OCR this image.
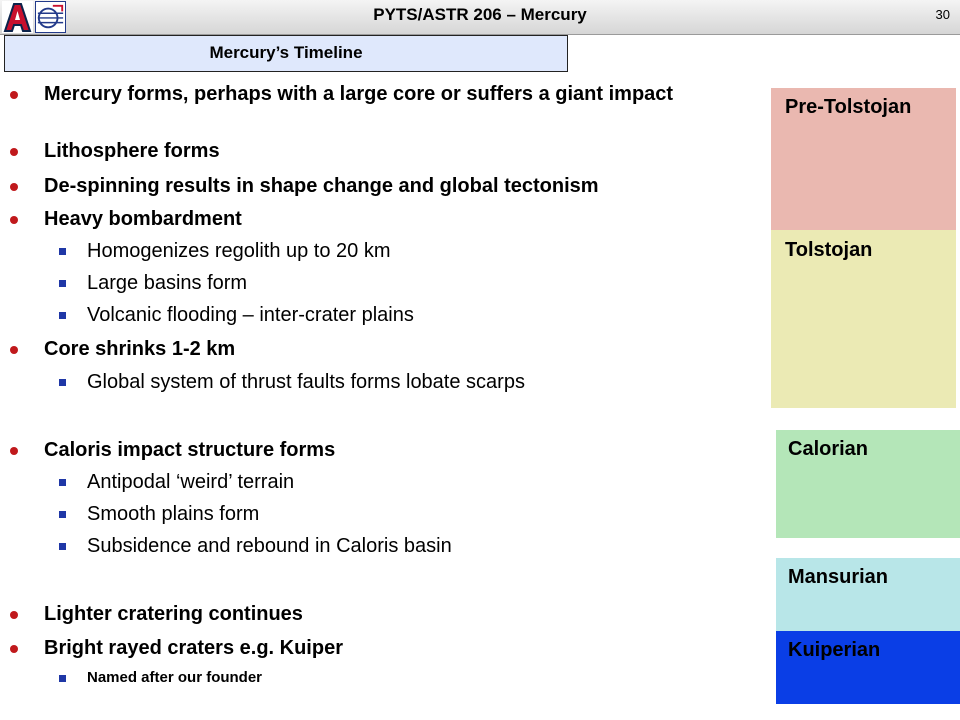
PYTS/ASTR 206 – Mercury	30
Mercury’s Timeline
Mercury forms, perhaps with a large core or suffers a giant impact
Lithosphere forms
De-spinning results in shape change and global tectonism
Heavy bombardment
Homogenizes regolith up to 20 km
Large basins form
Volcanic flooding – inter-crater plains
Core shrinks 1-2 km
Global system of thrust faults forms lobate scarps
Caloris impact structure forms
Antipodal ‘weird’ terrain
Smooth plains form
Subsidence and rebound in Caloris basin
Lighter cratering continues
Bright rayed craters e.g. Kuiper
Named after our founder
Pre-Tolstojan
Tolstojan
Calorian
Mansurian
Kuiperian
